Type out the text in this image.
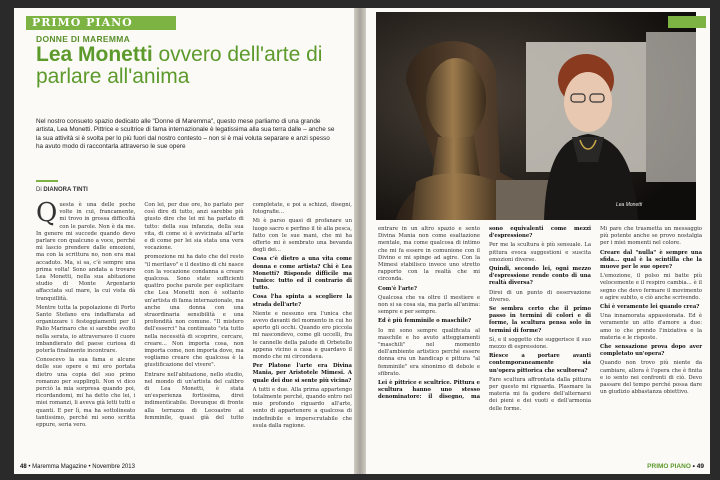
PRIMO PIANO
DONNE DI MAREMMA
Lea Monetti ovvero dell'arte di parlare all'anima
Nel nostro consueto spazio dedicato alle "Donne di Maremma", questo mese parliamo di una grande artista, Lea Monetti. Pittrice e scultrice di fama internazionale è legatissima alla sua terra dalle – anche se la sua attività si è svolta per lo più fuori dal nostro contesto – non si è mai voluta separare e anzi spesso ha avuto modo di raccontarla attraverso le sue opere
Di DIANORA TINTI

Questa è una delle poche volte in cui, francamente, mi trovo in grossa difficoltà con le parole. Non è da me. In genere mi succede quando devo parlare con qualcuno a voce, perché mi lascio prendere dalle emozioni, ma con la scrittura no, non era mai accaduto. Ma, si sa, c'è sempre una prima volta! Sono andata a trovare Lea Monetti, nella sua abitazione studio di Monte Argentario affacciata sul mare, la cui vista dà tranquillità.

Mentre tutta la popolazione di Porto Santo Stefano era indaffarata ad organizzare i festeggiamenti per il Palio Marinaro che si sarebbe svolto nella serata, io attraversavo il cuore imbandierato del paese curiosa di poterla finalmente incontrare.

Conoscevo la sua fama e alcune delle sue opere e mi ero portata dietro una copia del suo primo romanzo per supplirgli. Non vi dico perciò la mia sorpresa quando poi, ricordandomi, mi ha detto che lei, i miei romanzi, li aveva già letti tutti e quanti. E per lì, ma ha sottolineato tantissimo, perché mi sono scritta eppure, seria vero.

Con lei, per due ore, ho parlato per così dire di tutto, anzi sarebbe più giusto dire che lei mi ha parlato di tutto: della sua infanzia, della sua vita, di come si è avvicinata all'arte e di come per lei sia stata una vera vocazione.

promozione mi ha dato che del resto "il meritavo" e il destino di chi nasce con la vocazione condanna a creare qualcosa. Sono state sufficienti quattro poche parole per esplicitare che Lea Monetti non è soltanto un'artista di fama internazionale, ma anche una donna con una straordinaria sensibilità e una profondità non comune. "Il mistero dell'esserci" ha continuato "sta tutto nella necessità di scoprire, cercare, creare... Non importa cosa, non importa come, non importa dove, ma vogliamo creare che qualcosa è la giustificazione del vivere".

Entrare nell'abitazione, nello studio, nel mondo di un'artista del calibro di Lea Monetti, è stata un'esperienza fortissima, direi indimenticabile. Dovunque di fronte alla terrazza di Lecoastre al femminile, quasi già del tutto completate, e poi a schizzi, disegni, fotografie...

Mi è parso quasi di profanare un luogo sacro e perfino il tè alla pesca, fatto con le sue mani, che mi ha offerto mi è sembrato una bevanda degli dei...

Cosa c'è dietro a una vita come donna e come artista? Chi è Lea Monetti? Risponde difficile ma l'unico: tutto ed il contrario di tutto.

Cosa l'ha spinta a scegliere la strada dell'arte?

Niente e nessuno era l'unica che avevo davanti del momento in cui ho aperto gli occhi. Quando ero piccola mi nascondevo, come gli uccelli, fra le cannelle della palude di Orbetello appena vicino a casa e guardavo il mondo che mi circondava.

Per Platone l'arte era Divina Mania, per Aristotele Mimesi. A quale dei due si sente più vicina?

A tutti e due. Alla prima appartengo totalmente perché, quando entro nel mio profondo riguardo all'arte, sento di appartenere a qualcosa di indefinibile e imperscrutabile che esula dalla ragione.

48 • Maremma Magazine • Novembre 2013
Lea Monetti

entrare in un altro spazio e sento Divina Mania non come esaltazione mentale, ma come qualcosa di intimo che mi fa essere in comunione con il Divino e mi spinge ad agire. Con la Mimesi stabilisco invece uno stretto rapporto con la realtà che mi circonda.

Com'è l'arte?

Qualcosa che va oltre il mestiere e non si sa cosa sia, ma parla all'anima: sempre e per sempre.

Ed è più femminile o maschile?

Io mi sono sempre qualificata al maschile e ho avuto atteggiamenti "maschili" nel momento dell'ambiente artistico perché essere donna era un handicap e pittura "al femminile" era sinonimo di debole e sfibrato.

Lei è pittrice e scultrice. Pittura e scultura hanno uno stesso denominatore: il disegno, ma sono equivalenti come mezzi d'espressione?

Per me la scultura è più sensuale. La pittura evoca suggestioni e suscita emozioni diverse.

Quindi, secondo lei, ogni mezzo d'espressione rende conto di una realtà diversa?

Direi di un punto di osservazione diverso.

Se sembra certo che il primo passo in termini di colori e di forme, la scultura pensa solo in termini di forme?

Sì, e il soggetto che suggerisce il suo mezzo di espressione.

Riesce a portare avanti contemporaneamente sia un'opera pittorica che scultorea?

Fare scultura affrontata dalla pittura per questo mi riguarda. Plasmare la materia mi fa godere dell'alternarsi dei pieni e dei vuoti e dell'armonia delle forme.

Mi pare che trasmetta un messaggio più potente anche se provo nostalgia per i miei momenti nel colore.

Creare dal "nulla" è sempre una sfida... qual è la scintilla che la muove per le sue opere?

L'emozione, il polso mi batte più velocemente e il respiro cambia... è il segno che devo fermare il movimento e agire subito, e ciò anche scrivendo.

Chi è veramente lei quando crea?

Una innamorata appassionata. Ed è veramente un atto d'amore a due: amo io che prendo l'iniziativa e la materia e le risposte.

Che sensazione prova dopo aver completato un'opera?

Quando non trovo più niente da cambiare, allora è l'opera che è finita e io sento nei confronti di ciò. Devo passare del tempo perché possa dare un giudizio abbastanza obiettivo.

PRIMO PIANO • 49
